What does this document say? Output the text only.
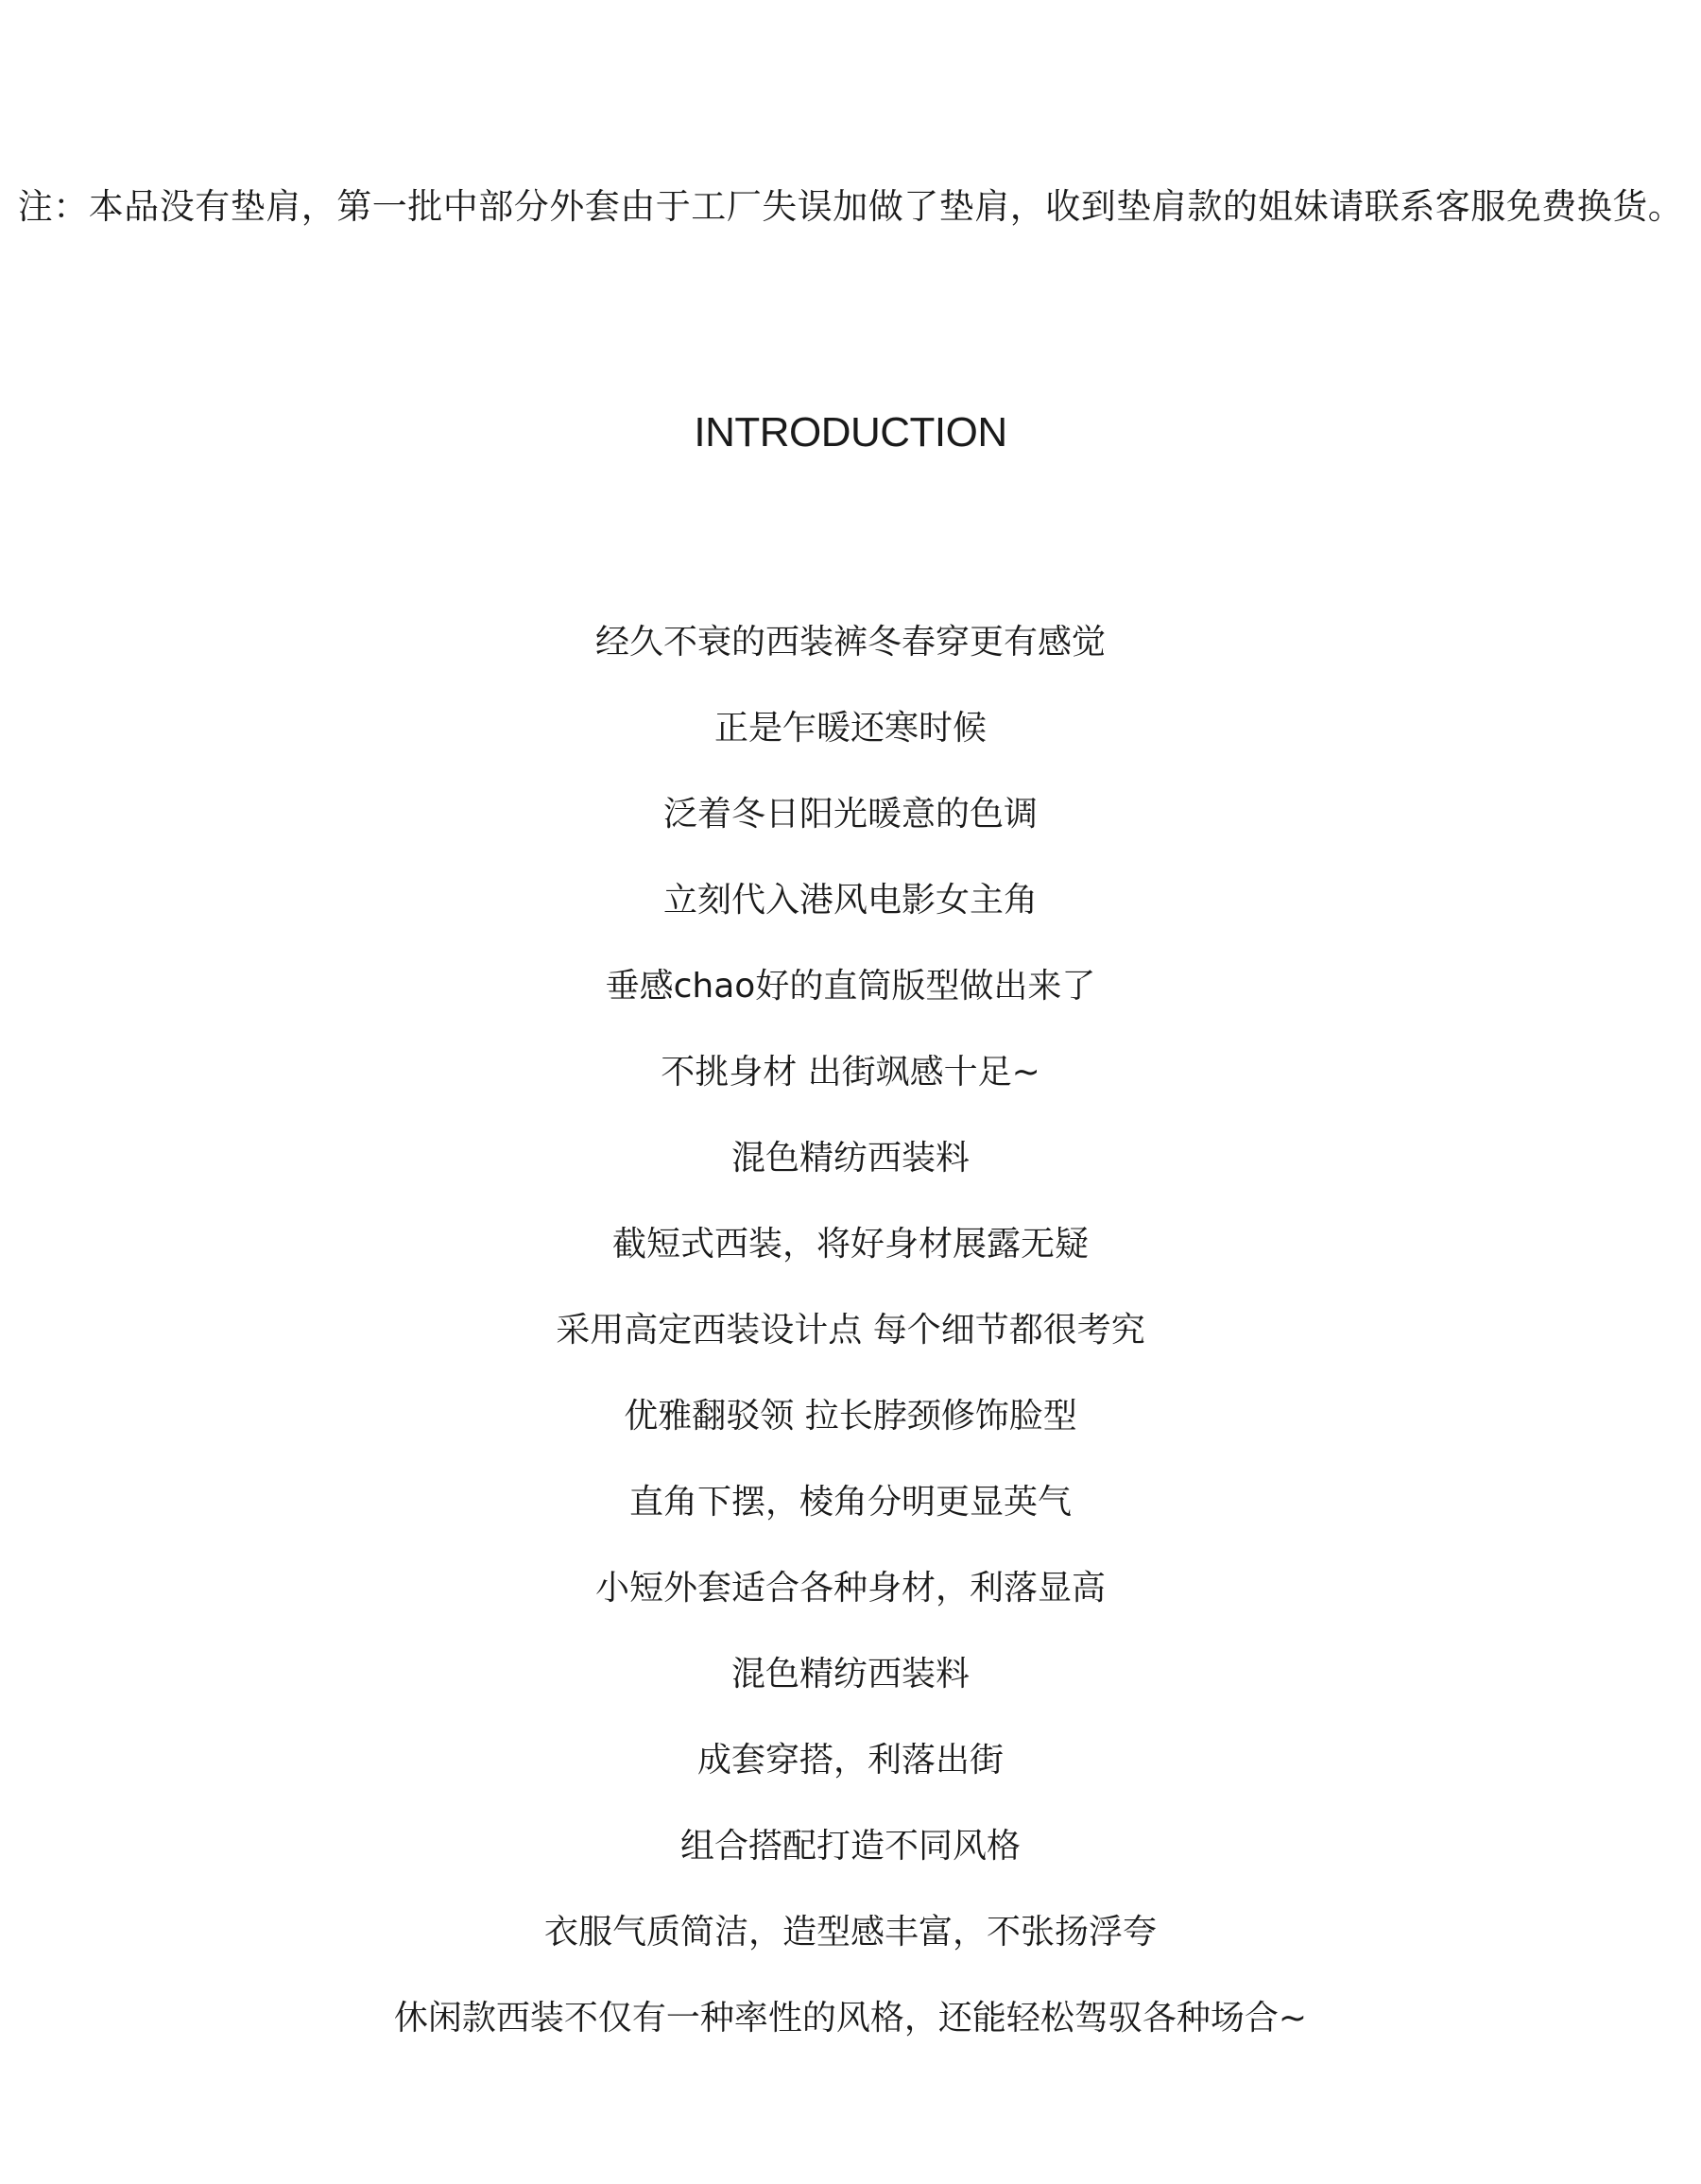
注：本品没有垫肩，第一批中部分外套由于工厂失误加做了垫肩，收到垫肩款的姐妹请联系客服免费换货。
INTRODUCTION
经久不衰的西装裤冬春穿更有感觉
正是乍暖还寒时候
泛着冬日阳光暖意的色调
立刻代入港风电影女主角
垂感chao好的直筒版型做出来了
不挑身材 出街飒感十足~
混色精纺西装料
截短式西装，将好身材展露无疑
采用高定西装设计点 每个细节都很考究
优雅翻驳领 拉长脖颈修饰脸型
直角下摆，棱角分明更显英气
小短外套适合各种身材，利落显高
混色精纺西装料
成套穿搭，利落出街
组合搭配打造不同风格
衣服气质简洁，造型感丰富，不张扬浮夸
休闲款西装不仅有一种率性的风格，还能轻松驾驭各种场合~
